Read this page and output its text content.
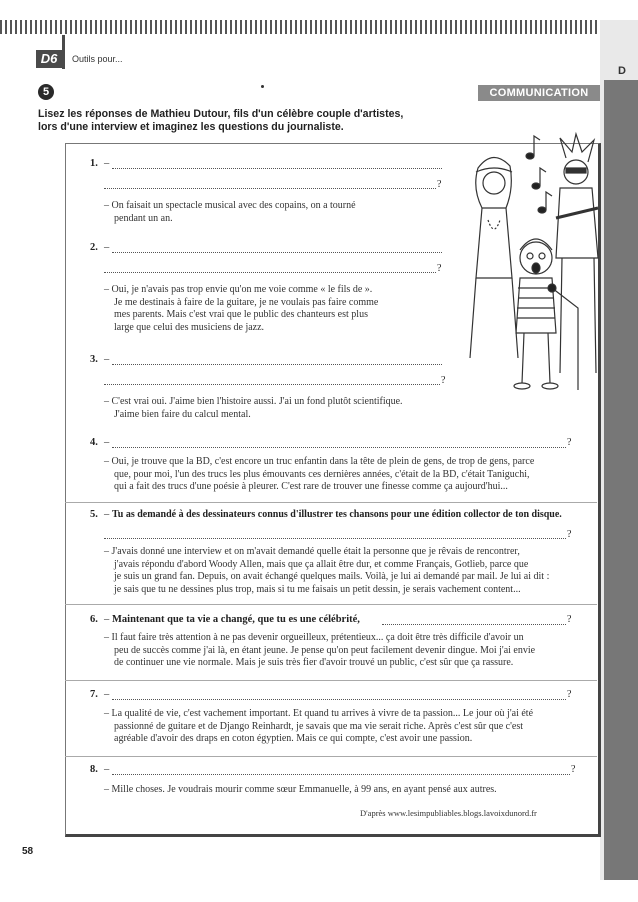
D
D6	Outils pour...
5	COMMUNICATION
Lisez les réponses de Mathieu Dutour, fils d'un célèbre couple d'artistes,
lors d'une interview et imaginez les questions du journaliste.
1. –
?
– On faisait un spectacle musical avec des copains, on a tourné
pendant un an.
2. –
?
– Oui, je n'avais pas trop envie qu'on me voie comme « le fils de ».
Je me destinais à faire de la guitare, je ne voulais pas faire comme
mes parents. Mais c'est vrai que le public des chanteurs est plus
large que celui des musiciens de jazz.
3. –
?
– C'est vrai oui. J'aime bien l'histoire aussi. J'ai un fond plutôt scientifique.
J'aime bien faire du calcul mental.
4. –	?
– Oui, je trouve que la BD, c'est encore un truc enfantin dans la tête de plein de gens, de trop de gens, parce
que, pour moi, l'un des trucs les plus émouvants ces dernières années, c'était de la BD, c'était Taniguchi,
qui a fait des trucs d'une poésie à pleurer. C'est rare de trouver une finesse comme ça aujourd'hui...
5. – Tu as demandé à des dessinateurs connus d'illustrer tes chansons pour une édition collector de ton disque.
?
– J'avais donné une interview et on m'avait demandé quelle était la personne que je rêvais de rencontrer,
j'avais répondu d'abord Woody Allen, mais que ça allait être dur, et comme Français, Gotlieb, parce que
je suis un grand fan. Depuis, on avait échangé quelques mails. Voilà, je lui ai demandé par mail. Je lui ai dit :
je sais que tu ne dessines plus trop, mais si tu me faisais un petit dessin, je serais vachement content...
6. – Maintenant que ta vie a changé, que tu es une célébrité,	?
– Il faut faire très attention à ne pas devenir orgueilleux, prétentieux... ça doit être très difficile d'avoir un
peu de succès comme j'ai là, en étant jeune. Je pense qu'on peut facilement devenir dingue. Moi j'ai envie
de continuer une vie normale. Mais je suis très fier d'avoir trouvé un public, c'est sûr que ça rassure.
7. –	?
– La qualité de vie, c'est vachement important. Et quand tu arrives à vivre de ta passion... Le jour où j'ai été
passionné de guitare et de Django Reinhardt, je savais que ma vie serait riche. Après c'est sûr que c'est
agréable d'avoir des draps en coton égyptien. Mais ce qui compte, c'est avoir une passion.
8. –	?
– Mille choses. Je voudrais mourir comme sœur Emmanuelle, à 99 ans, en ayant pensé aux autres.
D'après www.lesimpubliables.blogs.lavoixdunord.fr
58
